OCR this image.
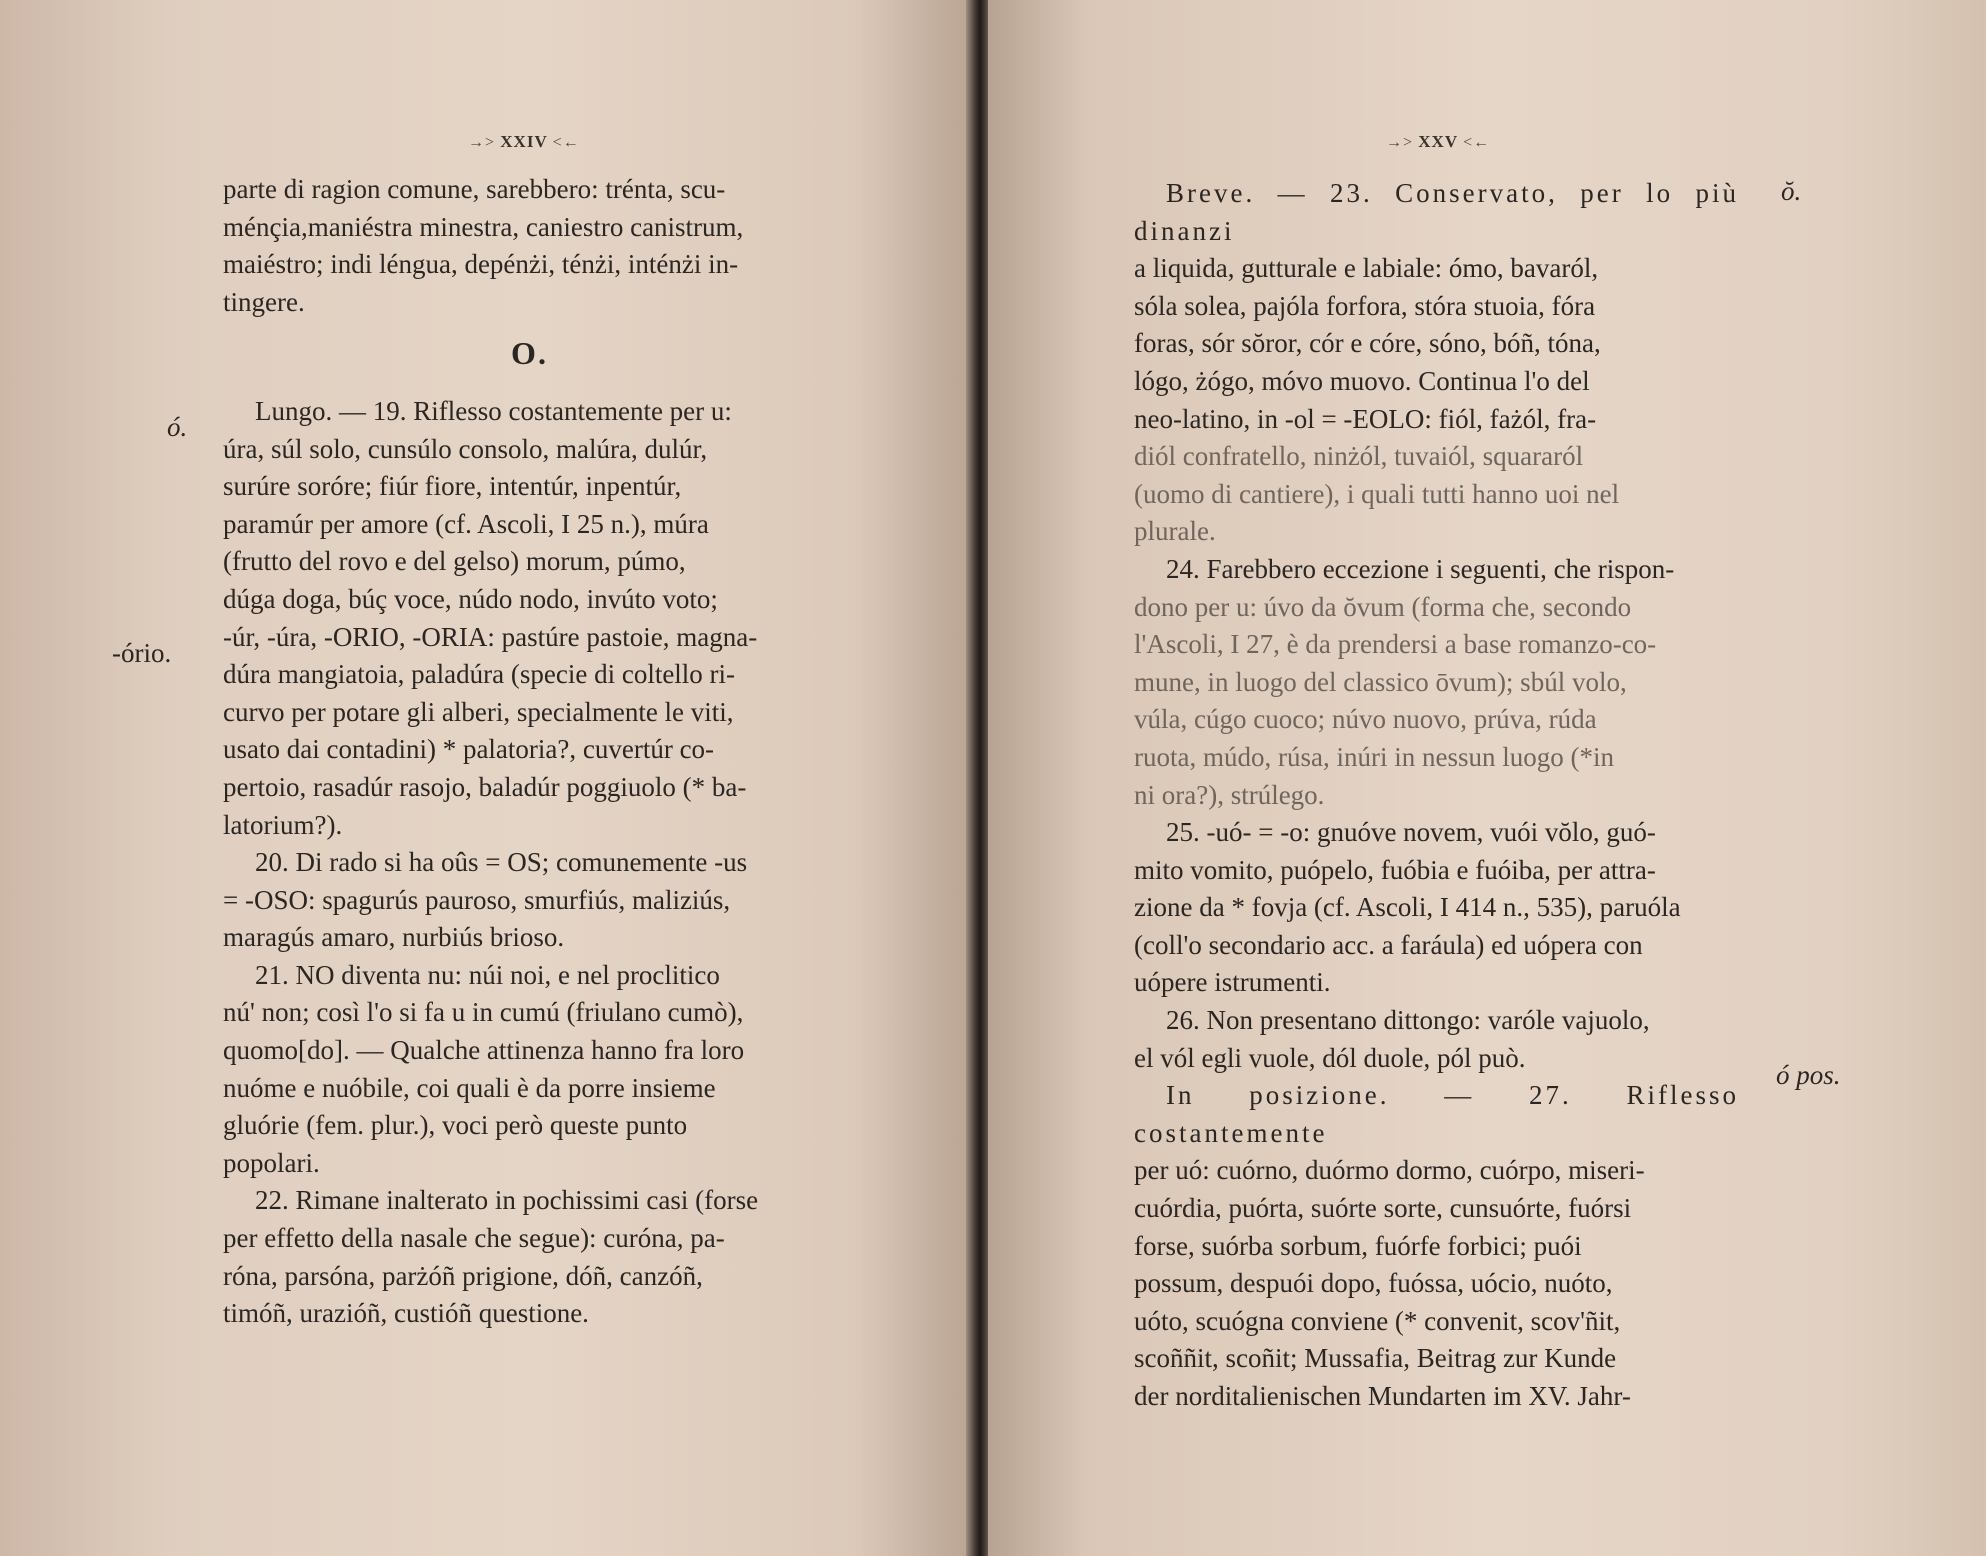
→> XXIV <←
ó.
-ório.

parte di ragion comune, sarebbero: trénta, scu-

ménçia,maniéstra minestra, caniestro canistrum,

maiéstro; indi léngua, depénżi, ténżi, inténżi in-

tingere.

O.

Lungo. — 19. Riflesso costantemente per u:

úra, súl solo, cunsúlo consolo, malúra, dulúr,

surúre soróre; fiúr fiore, intentúr, inpentúr,

paramúr per amore (cf. Ascoli, I 25 n.), múra

(frutto del rovo e del gelso) morum, púmo,

dúga doga, búç voce, núdo nodo, invúto voto;

-úr, -úra, -ORIO, -ORIA: pastúre pastoie, magna-

dúra mangiatoia, paladúra (specie di coltello ri-

curvo per potare gli alberi, specialmente le viti,

usato dai contadini) * palatoria?, cuvertúr co-

pertoio, rasadúr rasojo, baladúr poggiuolo (* ba-

latorium?).

20. Di rado si ha oûs = OS; comunemente -us

= -OSO: spagurús pauroso, smurfiús, maliziús,

maragús amaro, nurbiús brioso.

21. NO diventa nu: núi noi, e nel proclitico

nú' non; così l'o si fa u in cumú (friulano cumò),

quomo[do]. — Qualche attinenza hanno fra loro

nuóme e nuóbile, coi quali è da porre insieme

gluórie (fem. plur.), voci però queste punto

popolari.

22. Rimane inalterato in pochissimi casi (forse

per effetto della nasale che segue): curóna, pa-

róna, parsóna, parżóñ prigione, dóñ, canzóñ,

timóñ, urazióñ, custióñ questione.

→> XXV <←
ŏ.
ó pos.

Breve. — 23. Conservato, per lo più dinanzi

a liquida, gutturale e labiale: ómo, bavaról,

sóla solea, pajóla forfora, stóra stuoia, fóra

foras, sór sŏror, cór e córe, sóno, bóñ, tóna,

lógo, żógo, móvo muovo. Continua l'o del

neo-latino, in -ol = -EOLO: fiól, fażól, fra-

diól confratello, ninżól, tuvaiól, squararól

(uomo di cantiere), i quali tutti hanno uoi nel

plurale.

24. Farebbero eccezione i seguenti, che rispon-

dono per u: úvo da ŏvum (forma che, secondo

l'Ascoli, I 27, è da prendersi a base romanzo-co-

mune, in luogo del classico ōvum); sbúl volo,

vúla, cúgo cuoco; núvo nuovo, prúva, rúda

ruota, múdo, rúsa, inúri in nessun luogo (*in

ni ora?), strúlego.

25. -uó- = -o: gnuóve novem, vuói vŏlo, guó-

mito vomito, puópelo, fuóbia e fuóiba, per attra-

zione da * fovja (cf. Ascoli, I 414 n., 535), paruóla

(coll'o secondario acc. a faráula) ed uópera con

uópere istrumenti.

26. Non presentano dittongo: varóle vajuolo,

el vól egli vuole, dól duole, pól può.

In posizione. — 27. Riflesso costantemente

per uó: cuórno, duórmo dormo, cuórpo, miseri-

cuórdia, puórta, suórte sorte, cunsuórte, fuórsi

forse, suórba sorbum, fuórfe forbici; puói

possum, despuói dopo, fuóssa, uócio, nuóto,

uóto, scuógna conviene (* convenit, scov'ñit,

scoññit, scoñit; Mussafia, Beitrag zur Kunde

der norditalienischen Mundarten im XV. Jahr-
